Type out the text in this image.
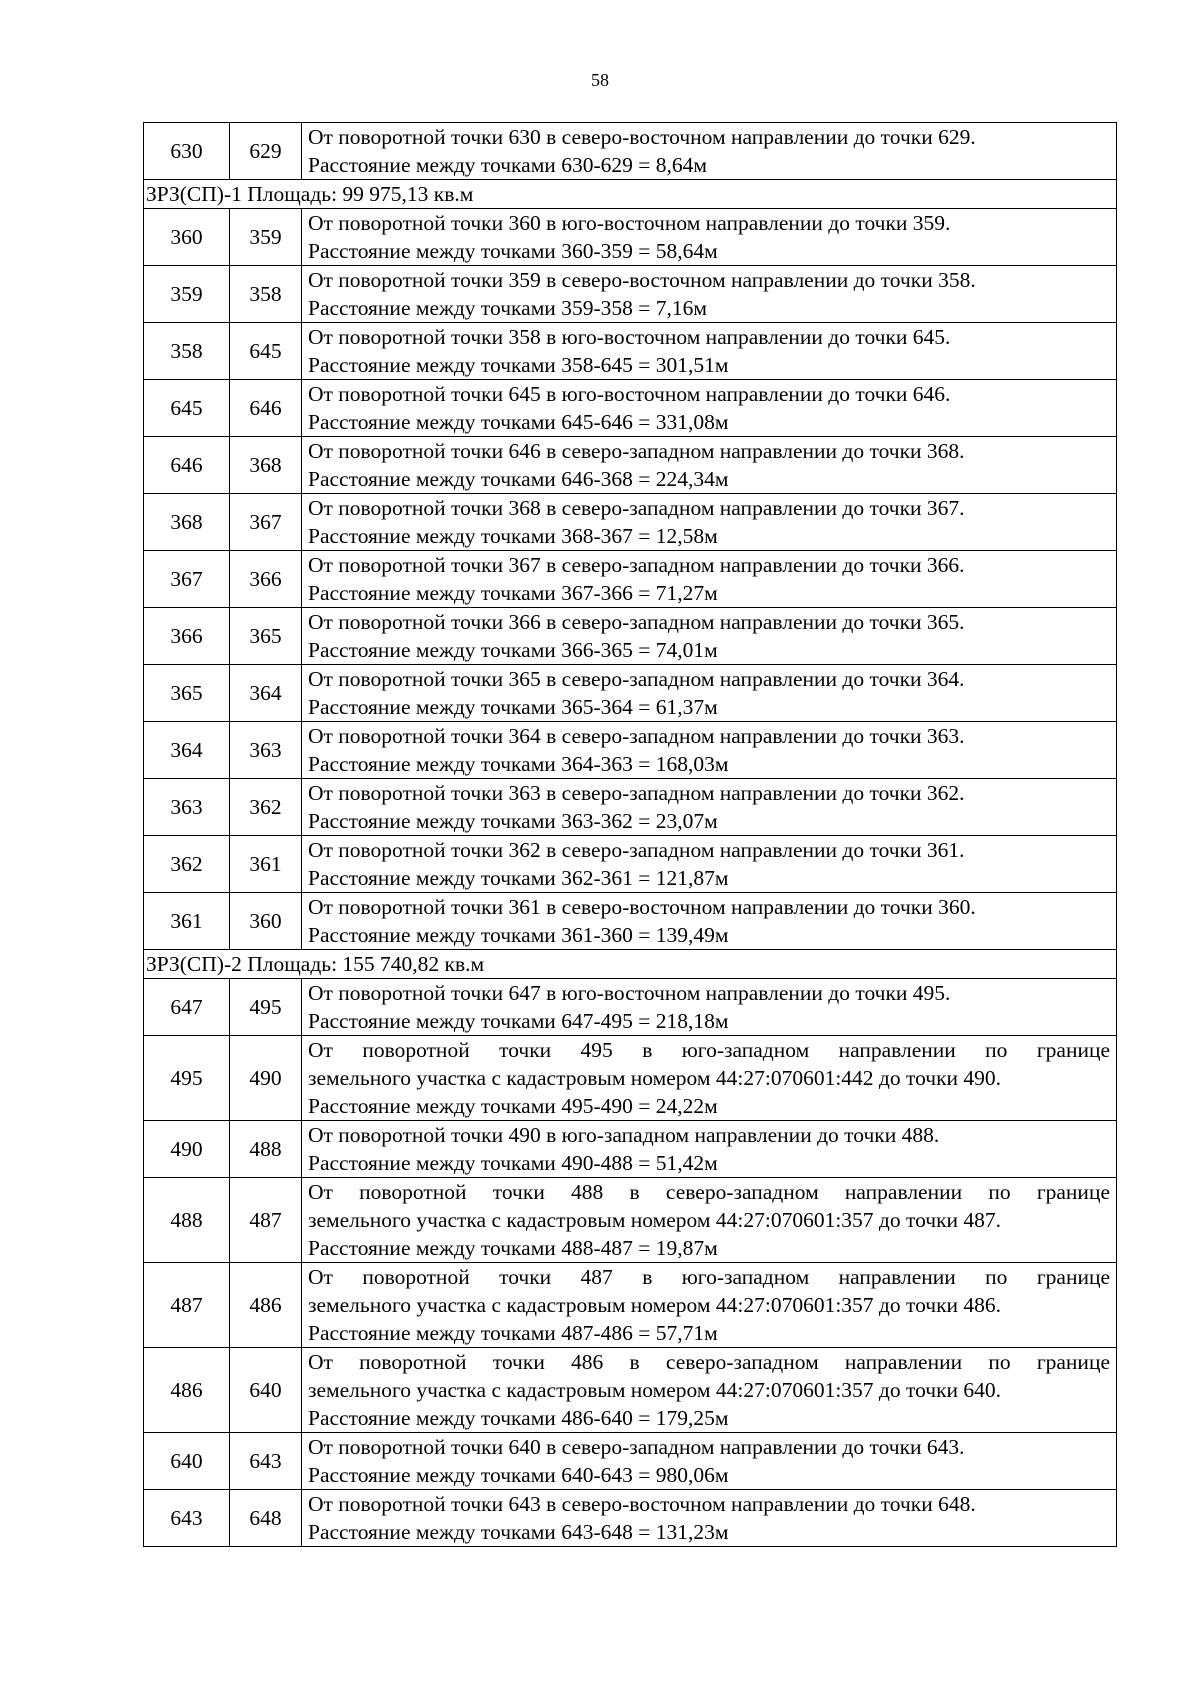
58
630	629	От поворотной точки 630 в северо-восточном направлении до точки 629.
Расстояние между точками 630-629 = 8,64м

ЗРЗ(СП)-1 Площадь: 99 975,13 кв.м		
360	359	От поворотной точки 360 в юго-восточном направлении до точки 359.
Расстояние между точками 360-359 = 58,64м

359	358	От поворотной точки 359 в северо-восточном направлении до точки 358.
Расстояние между точками 359-358 = 7,16м

358	645	От поворотной точки 358 в юго-восточном направлении до точки 645.
Расстояние между точками 358-645 = 301,51м

645	646	От поворотной точки 645 в юго-восточном направлении до точки 646.
Расстояние между точками 645-646 = 331,08м

646	368	От поворотной точки 646 в северо-западном направлении до точки 368.
Расстояние между точками 646-368 = 224,34м

368	367	От поворотной точки 368 в северо-западном направлении до точки 367.
Расстояние между точками 368-367 = 12,58м

367	366	От поворотной точки 367 в северо-западном направлении до точки 366.
Расстояние между точками 367-366 = 71,27м

366	365	От поворотной точки 366 в северо-западном направлении до точки 365.
Расстояние между точками 366-365 = 74,01м

365	364	От поворотной точки 365 в северо-западном направлении до точки 364.
Расстояние между точками 365-364 = 61,37м

364	363	От поворотной точки 364 в северо-западном направлении до точки 363.
Расстояние между точками 364-363 = 168,03м

363	362	От поворотной точки 363 в северо-западном направлении до точки 362.
Расстояние между точками 363-362 = 23,07м

362	361	От поворотной точки 362 в северо-западном направлении до точки 361.
Расстояние между точками 362-361 = 121,87м

361	360	От поворотной точки 361 в северо-восточном направлении до точки 360.
Расстояние между точками 361-360 = 139,49м

ЗРЗ(СП)-2 Площадь: 155 740,82 кв.м		
647	495	От поворотной точки 647 в юго-восточном направлении до точки 495.
Расстояние между точками 647-495 = 218,18м

495	490	От поворотной точки 495 в юго-западном направлении по границе
земельного участка с кадастровым номером 44:27:070601:442 до точки 490.
Расстояние между точками 495-490 = 24,22м

490	488	От поворотной точки 490 в юго-западном направлении до точки 488.
Расстояние между точками 490-488 = 51,42м

488	487	От поворотной точки 488 в северо-западном направлении по границе
земельного участка с кадастровым номером 44:27:070601:357 до точки 487.
Расстояние между точками 488-487 = 19,87м

487	486	От поворотной точки 487 в юго-западном направлении по границе
земельного участка с кадастровым номером 44:27:070601:357 до точки 486.
Расстояние между точками 487-486 = 57,71м

486	640	От поворотной точки 486 в северо-западном направлении по границе
земельного участка с кадастровым номером 44:27:070601:357 до точки 640.
Расстояние между точками 486-640 = 179,25м

640	643	От поворотной точки 640 в северо-западном направлении до точки 643.
Расстояние между точками 640-643 = 980,06м

643	648	От поворотной точки 643 в северо-восточном направлении до точки 648.
Расстояние между точками 643-648 = 131,23м
